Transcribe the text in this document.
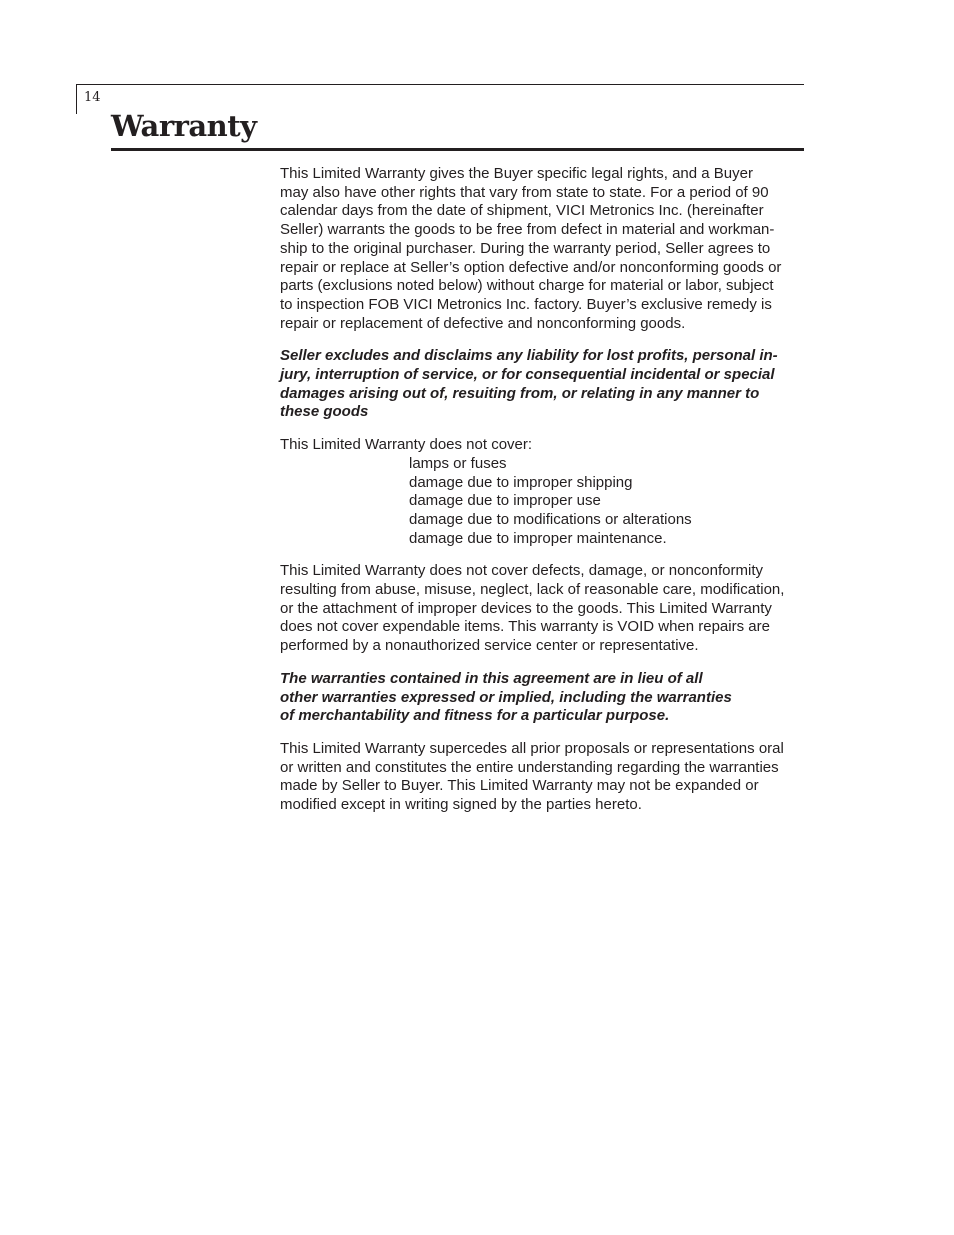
14
Warranty

This Limited Warranty gives the Buyer specific legal rights, and a Buyer
may also have other rights that vary from state to state. For a period of 90
calendar days from the date of shipment, VICI Metronics Inc. (hereinafter
Seller) warrants the goods to be free from defect in material and workman-
ship to the original purchaser. During the warranty period, Seller agrees to
repair or replace at Seller’s option defective and/or nonconforming goods or
parts (exclusions noted below) without charge for material or labor, subject
to inspection FOB VICI Metronics Inc. factory. Buyer’s exclusive remedy is
repair or replacement of defective and nonconforming goods.

Seller excludes and disclaims any liability for lost profits, personal in-
jury, interruption of service, or for consequential incidental or special
damages arising out of, resuiting from, or relating in any manner to
these goods

This Limited Warranty does not cover:
lamps or fuses
damage due to improper shipping
damage due to improper use
damage due to modifications or alterations
damage due to improper maintenance.

This Limited Warranty does not cover defects, damage, or nonconformity
resulting from abuse, misuse, neglect, lack of reasonable care, modification,
or the attachment of improper devices to the goods. This Limited Warranty
does not cover expendable items. This warranty is VOID when repairs are
performed by a nonauthorized service center or representative.

The warranties contained in this agreement are in lieu of all
other warranties expressed or implied, including the warranties
of merchantability and fitness for a particular purpose.

This Limited Warranty supercedes all prior proposals or representations oral
or written and constitutes the entire understanding regarding the warranties
made by Seller to Buyer. This Limited Warranty may not be expanded or
modified except in writing signed by the parties hereto.
